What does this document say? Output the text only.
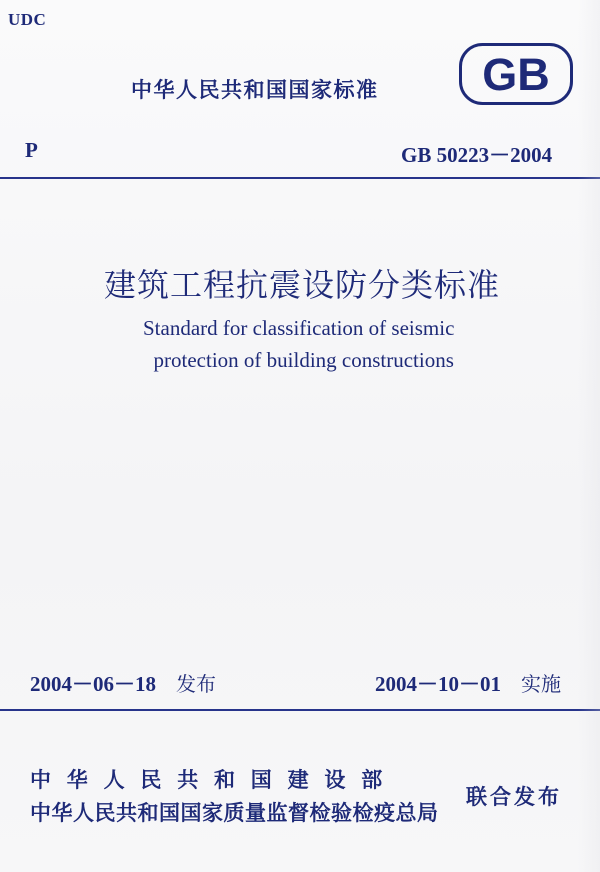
UDC
中华人民共和国国家标准 GB
P	GB 50223－2004
建筑工程抗震设防分类标准
Standard for classification of seismic
protection of building constructions
2004－06－18 发布	2004－10－01 实施
中华人民共和国建设部
中华人民共和国国家质量监督检验检疫总局
联合发布
